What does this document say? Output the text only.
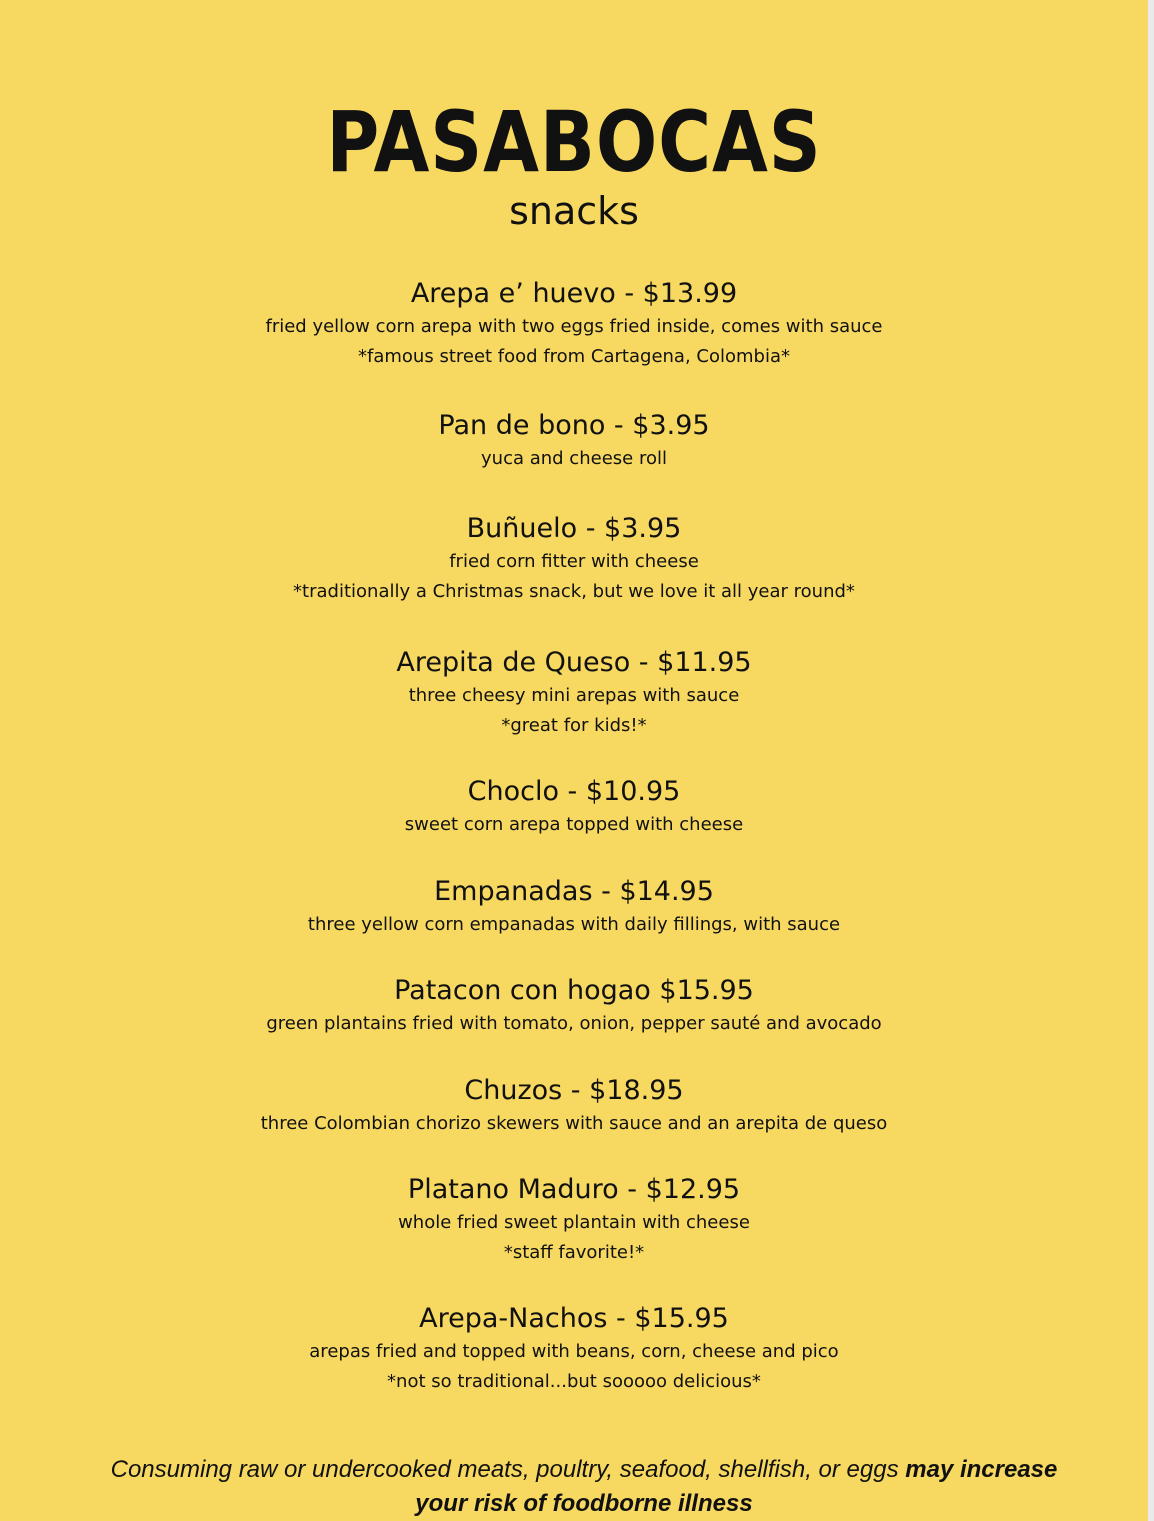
PASABOCAS
snacks
Arepa e’ huevo - $13.99
fried yellow corn arepa with two eggs fried inside, comes with sauce
*famous street food from Cartagena, Colombia*
Pan de bono - $3.95
yuca and cheese roll
Buñuelo - $3.95
fried corn fitter with cheese
*traditionally a Christmas snack, but we love it all year round*
Arepita de Queso - $11.95
three cheesy mini arepas with sauce
*great for kids!*
Choclo - $10.95
sweet corn arepa topped with cheese
Empanadas - $14.95
three yellow corn empanadas with daily fillings, with sauce
Patacon con hogao $15.95
green plantains fried with tomato, onion, pepper sauté and avocado
Chuzos - $18.95
three Colombian chorizo skewers with sauce and an arepita de queso
Platano Maduro - $12.95
whole fried sweet plantain with cheese
*staff favorite!*
Arepa-Nachos - $15.95
arepas fried and topped with beans, corn, cheese and pico
*not so traditional...but sooooo delicious*
Consuming raw or undercooked meats, poultry, seafood, shellfish, or eggs may increase your risk of foodborne illness
